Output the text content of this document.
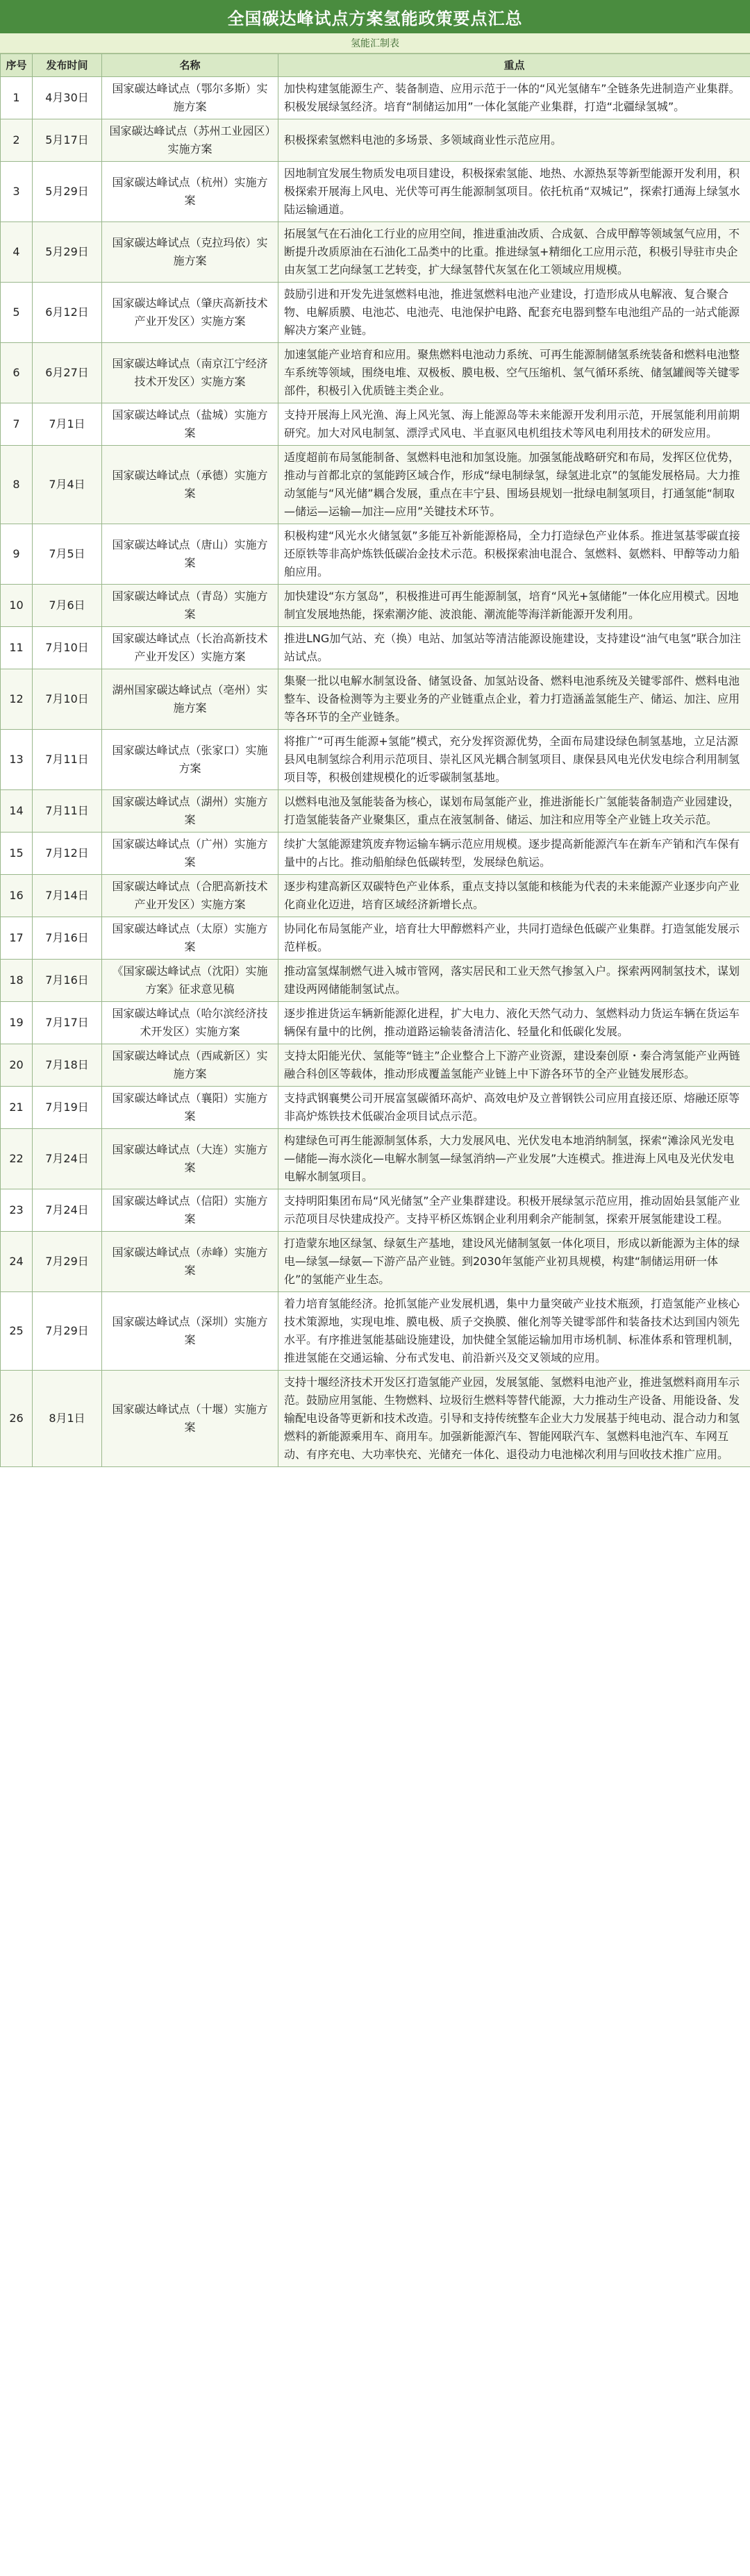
全国碳达峰试点方案氢能政策要点汇总
氢能汇制表
序号	发布时间	名称	重点
1	4月30日	国家碳达峰试点（鄂尔多斯）实施方案	加快构建氢能源生产、装备制造、应用示范于一体的“风光氢储车”全链条先进制造产业集群。积极发展绿氢经济。培育“制储运加用”一体化氢能产业集群，打造“北疆绿氢城”。
2	5月17日	国家碳达峰试点（苏州工业园区）实施方案	积极探索氢燃料电池的多场景、多领域商业性示范应用。
3	5月29日	国家碳达峰试点（杭州）实施方案	因地制宜发展生物质发电项目建设，积极探索氢能、地热、水源热泵等新型能源开发利用，积极探索开展海上风电、光伏等可再生能源制氢项目。依托杭甬“双城记”，探索打通海上绿氢水陆运输通道。
4	5月29日	国家碳达峰试点（克拉玛依）实施方案	拓展氢气在石油化工行业的应用空间，推进重油改质、合成氨、合成甲醇等领域氢气应用，不断提升改质原油在石油化工品类中的比重。推进绿氢+精细化工应用示范，积极引导驻市央企由灰氢工艺向绿氢工艺转变，扩大绿氢替代灰氢在化工领域应用规模。
5	6月12日	国家碳达峰试点（肇庆高新技术产业开发区）实施方案	鼓励引进和开发先进氢燃料电池，推进氢燃料电池产业建设，打造形成从电解液、复合聚合物、电解质膜、电池芯、电池壳、电池保护电路、配套充电器到整车电池组产品的一站式能源解决方案产业链。
6	6月27日	国家碳达峰试点（南京江宁经济技术开发区）实施方案	加速氢能产业培育和应用。聚焦燃料电池动力系统、可再生能源制储氢系统装备和燃料电池整车系统等领域，围绕电堆、双极板、膜电极、空气压缩机、氢气循环系统、储氢罐阀等关键零部件，积极引入优质链主类企业。
7	7月1日	国家碳达峰试点（盐城）实施方案	支持开展海上风光渔、海上风光氢、海上能源岛等未来能源开发利用示范，开展氢能利用前期研究。加大对风电制氢、漂浮式风电、半直驱风电机组技术等风电利用技术的研发应用。
8	7月4日	国家碳达峰试点（承德）实施方案	适度超前布局氢能制备、氢燃料电池和加氢设施。加强氢能战略研究和布局，发挥区位优势，推动与首都北京的氢能跨区域合作，形成“绿电制绿氢，绿氢进北京”的氢能发展格局。大力推动氢能与“风光储”耦合发展，重点在丰宁县、围场县规划一批绿电制氢项目，打通氢能“制取—储运—运输—加注—应用”关键技术环节。
9	7月5日	国家碳达峰试点（唐山）实施方案	积极构建“风光水火储氢氨”多能互补新能源格局，全力打造绿色产业体系。推进氢基零碳直接还原铁等非高炉炼铁低碳冶金技术示范。积极探索油电混合、氢燃料、氨燃料、甲醇等动力船舶应用。
10	7月6日	国家碳达峰试点（青岛）实施方案	加快建设“东方氢岛”，积极推进可再生能源制氢，培育“风光+氢储能”一体化应用模式。因地制宜发展地热能，探索潮汐能、波浪能、潮流能等海洋新能源开发利用。
11	7月10日	国家碳达峰试点（长治高新技术产业开发区）实施方案	推进LNG加气站、充（换）电站、加氢站等清洁能源设施建设，支持建设“油气电氢”联合加注站试点。
12	7月10日	湖州国家碳达峰试点（亳州）实施方案	集聚一批以电解水制氢设备、储氢设备、加氢站设备、燃料电池系统及关键零部件、燃料电池整车、设备检测等为主要业务的产业链重点企业，着力打造涵盖氢能生产、储运、加注、应用等各环节的全产业链条。
13	7月11日	国家碳达峰试点（张家口）实施方案	将推广“可再生能源+氢能”模式，充分发挥资源优势，全面布局建设绿色制氢基地，立足沽源县风电制氢综合利用示范项目、崇礼区风光耦合制氢项目、康保县风电光伏发电综合利用制氢项目等，积极创建规模化的近零碳制氢基地。
14	7月11日	国家碳达峰试点（湖州）实施方案	以燃料电池及氢能装备为核心，谋划布局氢能产业，推进浙能长广氢能装备制造产业园建设，打造氢能装备产业聚集区，重点在液氢制备、储运、加注和应用等全产业链上攻关示范。
15	7月12日	国家碳达峰试点（广州）实施方案	续扩大氢能源建筑废弃物运输车辆示范应用规模。逐步提高新能源汽车在新车产销和汽车保有量中的占比。推动船舶绿色低碳转型，发展绿色航运。
16	7月14日	国家碳达峰试点（合肥高新技术产业开发区）实施方案	逐步构建高新区双碳特色产业体系，重点支持以氢能和核能为代表的未来能源产业逐步向产业化商业化迈进，培育区域经济新增长点。
17	7月16日	国家碳达峰试点（太原）实施方案	协同化布局氢能产业，培育壮大甲醇燃料产业，共同打造绿色低碳产业集群。打造氢能发展示范样板。
18	7月16日	《国家碳达峰试点（沈阳）实施方案》征求意见稿	推动富氢煤制燃气进入城市管网，落实居民和工业天然气掺氢入户。探索两网制氢技术，谋划建设两网储能制氢试点。
19	7月17日	国家碳达峰试点（哈尔滨经济技术开发区）实施方案	逐步推进货运车辆新能源化进程，扩大电力、液化天然气动力、氢燃料动力货运车辆在货运车辆保有量中的比例，推动道路运输装备清洁化、轻量化和低碳化发展。
20	7月18日	国家碳达峰试点（西咸新区）实施方案	支持太阳能光伏、氢能等“链主”企业整合上下游产业资源，建设秦创原・秦合湾氢能产业两链融合科创区等载体，推动形成覆盖氢能产业链上中下游各环节的全产业链发展形态。
21	7月19日	国家碳达峰试点（襄阳）实施方案	支持武钢襄樊公司开展富氢碳循环高炉、高效电炉及立普钢铁公司应用直接还原、熔融还原等非高炉炼铁技术低碳冶金项目试点示范。
22	7月24日	国家碳达峰试点（大连）实施方案	构建绿色可再生能源制氢体系，大力发展风电、光伏发电本地消纳制氢，探索“滩涂风光发电—储能—海水淡化—电解水制氢—绿氢消纳—产业发展”大连模式。推进海上风电及光伏发电电解水制氢项目。
23	7月24日	国家碳达峰试点（信阳）实施方案	支持明阳集团布局“风光储氢”全产业集群建设。积极开展绿氢示范应用，推动固始县氢能产业示范项目尽快建成投产。支持平桥区炼钢企业利用剩余产能制氢，探索开展氢能建设工程。
24	7月29日	国家碳达峰试点（赤峰）实施方案	打造蒙东地区绿氢、绿氨生产基地，建设风光储制氢氨一体化项目，形成以新能源为主体的绿电—绿氢—绿氨—下游产品产业链。到2030年氢能产业初具规模，构建“制储运用研一体化”的氢能产业生态。
25	7月29日	国家碳达峰试点（深圳）实施方案	着力培育氢能经济。抢抓氢能产业发展机遇，集中力量突破产业技术瓶颈，打造氢能产业核心技术策源地，实现电堆、膜电极、质子交换膜、催化剂等关键零部件和装备技术达到国内领先水平。有序推进氢能基础设施建设，加快健全氢能运输加用市场机制、标准体系和管理机制，推进氢能在交通运输、分布式发电、前沿新兴及交叉领域的应用。
26	8月1日	国家碳达峰试点（十堰）实施方案	支持十堰经济技术开发区打造氢能产业园，发展氢能、氢燃料电池产业，推进氢燃料商用车示范。鼓励应用氢能、生物燃料、垃圾衍生燃料等替代能源，大力推动生产设备、用能设备、发输配电设备等更新和技术改造。引导和支持传统整车企业大力发展基于纯电动、混合动力和氢燃料的新能源乘用车、商用车。加强新能源汽车、智能网联汽车、氢燃料电池汽车、车网互动、有序充电、大功率快充、光储充一体化、退役动力电池梯次利用与回收技术推广应用。
